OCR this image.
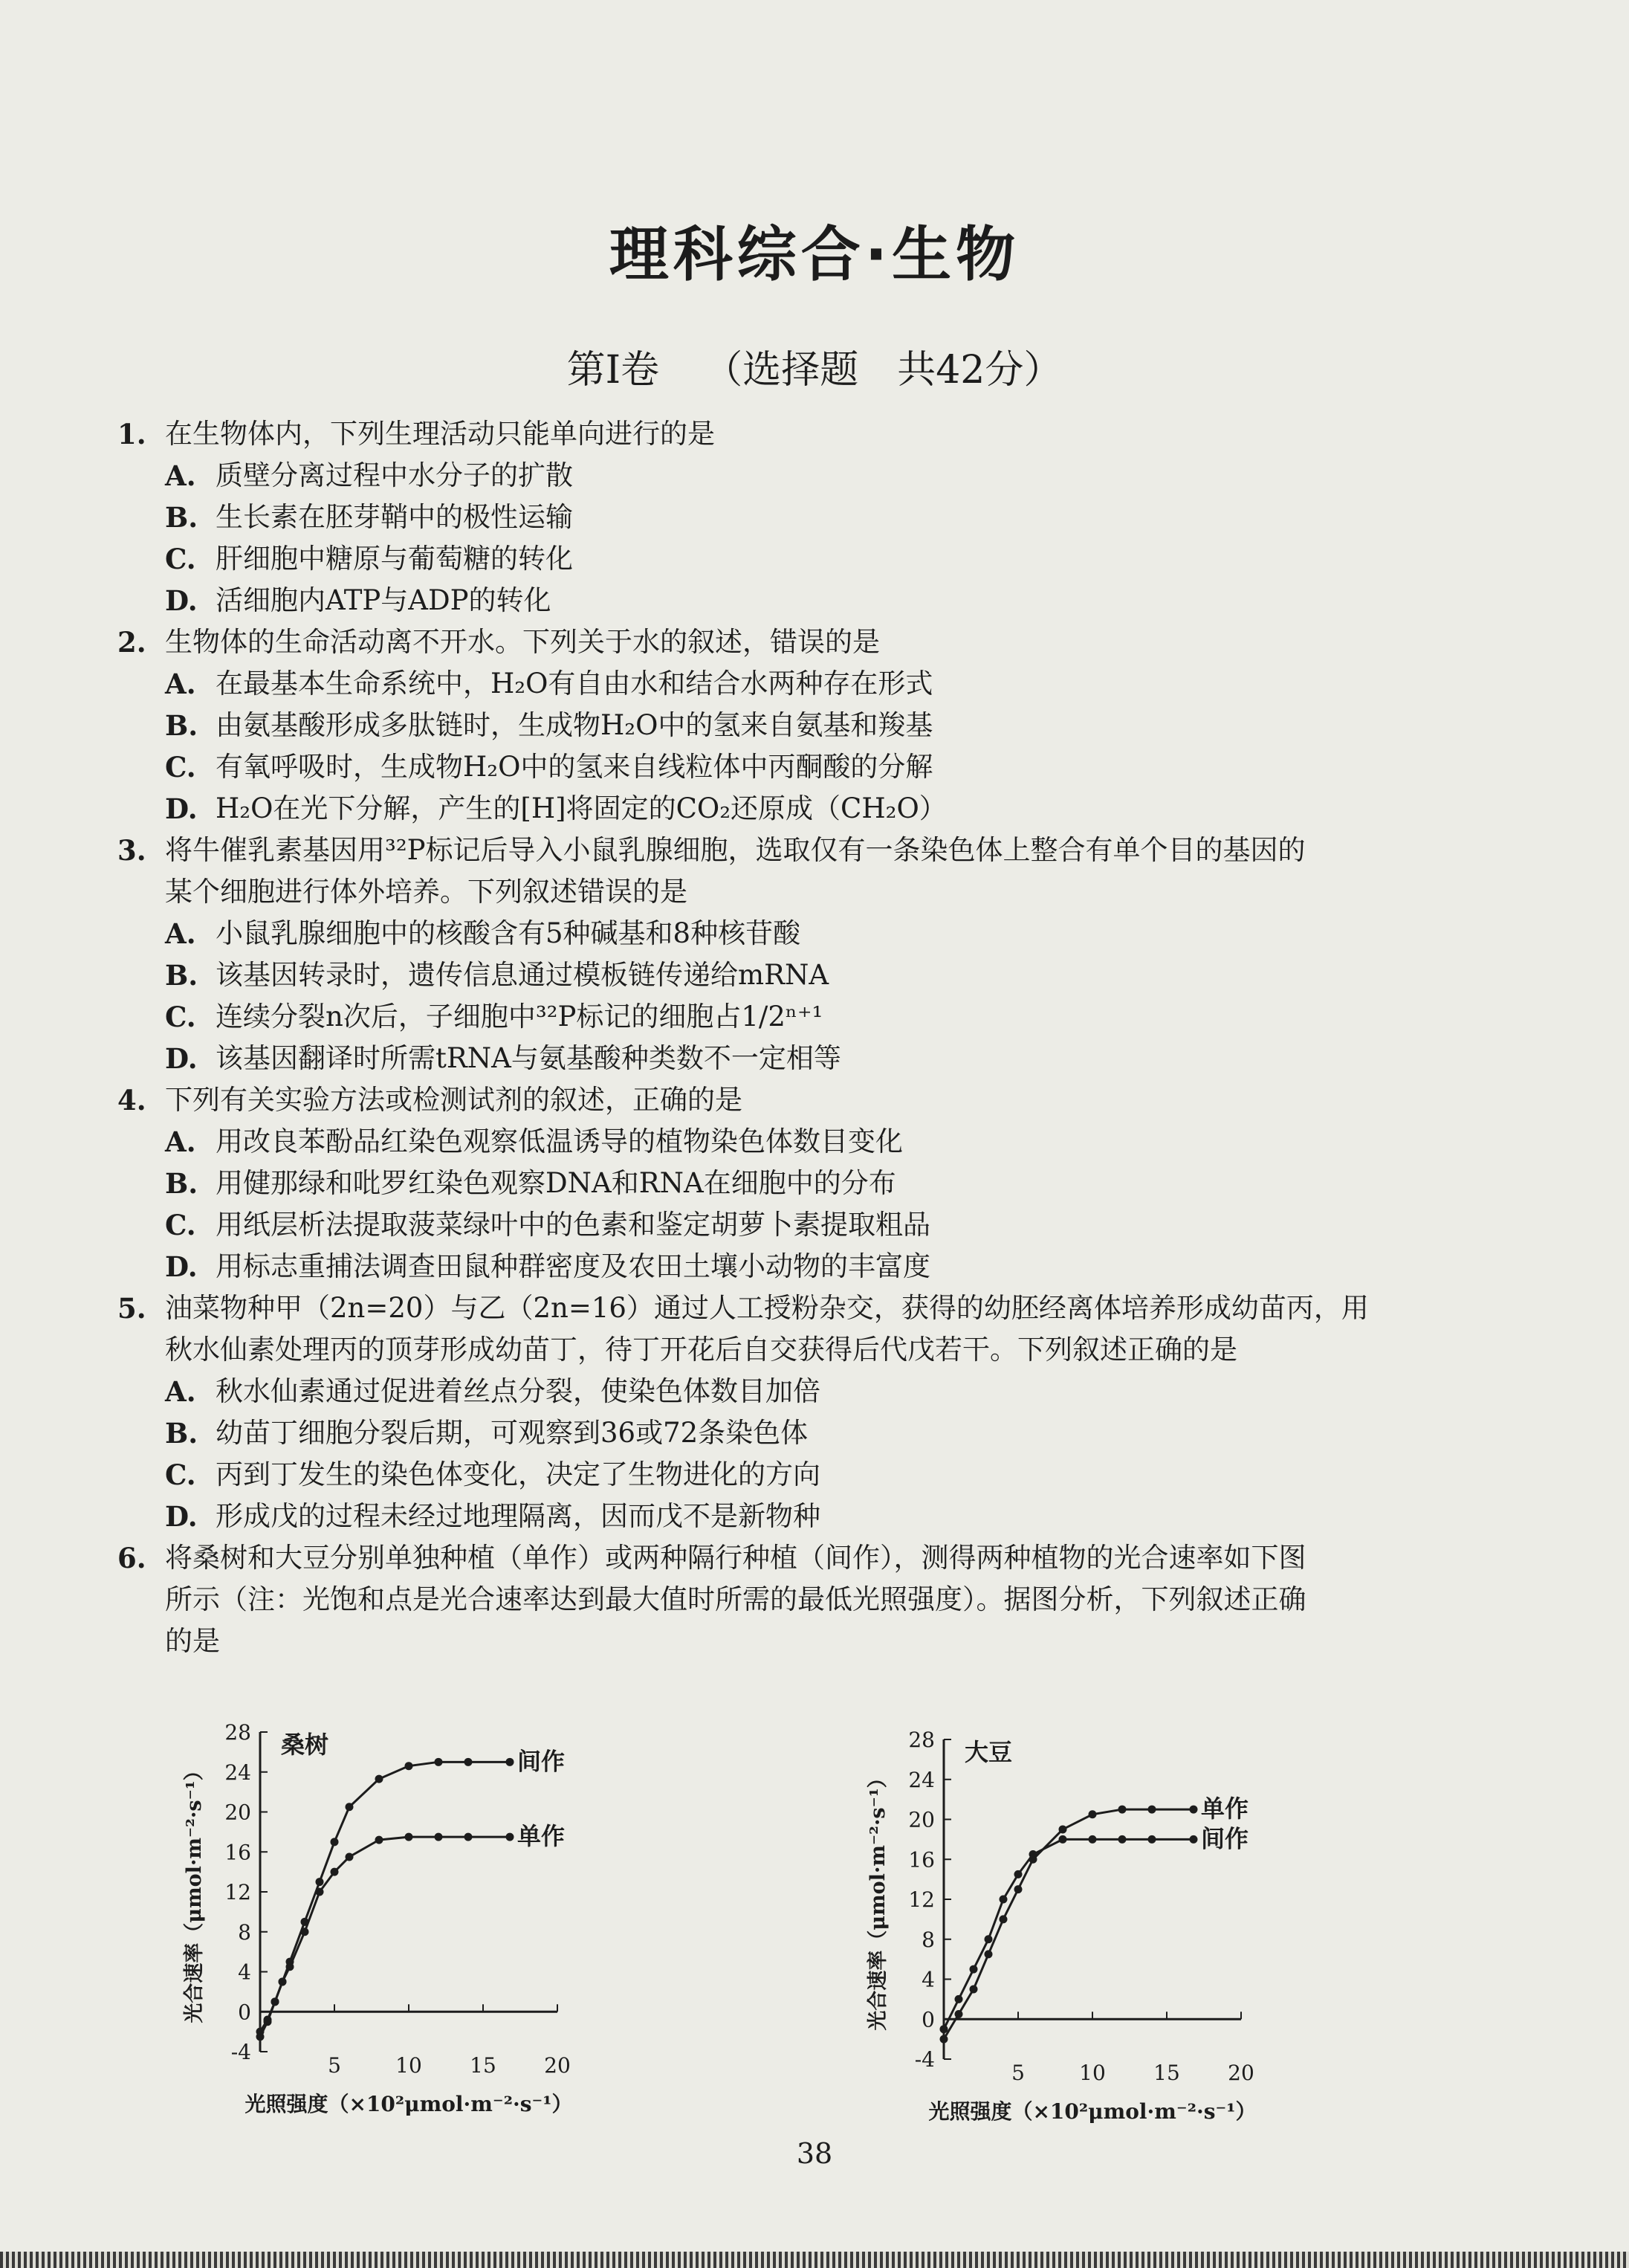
理科综合·生物
第Ⅰ卷 （选择题　共42分）
1. 在生物体内，下列生理活动只能单向进行的是
A. 质壁分离过程中水分子的扩散
B. 生长素在胚芽鞘中的极性运输
C. 肝细胞中糖原与葡萄糖的转化
D. 活细胞内ATP与ADP的转化
2. 生物体的生命活动离不开水。下列关于水的叙述，错误的是
A. 在最基本生命系统中，H₂O有自由水和结合水两种存在形式
B. 由氨基酸形成多肽链时，生成物H₂O中的氢来自氨基和羧基
C. 有氧呼吸时，生成物H₂O中的氢来自线粒体中丙酮酸的分解
D. H₂O在光下分解，产生的[H]将固定的CO₂还原成（CH₂O）
3. 将牛催乳素基因用³²P标记后导入小鼠乳腺细胞，选取仅有一条染色体上整合有单个目的基因的
某个细胞进行体外培养。下列叙述错误的是
A. 小鼠乳腺细胞中的核酸含有5种碱基和8种核苷酸
B. 该基因转录时，遗传信息通过模板链传递给mRNA
C. 连续分裂n次后，子细胞中³²P标记的细胞占1/2ⁿ⁺¹
D. 该基因翻译时所需tRNA与氨基酸种类数不一定相等
4. 下列有关实验方法或检测试剂的叙述，正确的是
A. 用改良苯酚品红染色观察低温诱导的植物染色体数目变化
B. 用健那绿和吡罗红染色观察DNA和RNA在细胞中的分布
C. 用纸层析法提取菠菜绿叶中的色素和鉴定胡萝卜素提取粗品
D. 用标志重捕法调查田鼠种群密度及农田土壤小动物的丰富度
5. 油菜物种甲（2n=20）与乙（2n=16）通过人工授粉杂交，获得的幼胚经离体培养形成幼苗丙，用
秋水仙素处理丙的顶芽形成幼苗丁，待丁开花后自交获得后代戊若干。下列叙述正确的是
A. 秋水仙素通过促进着丝点分裂，使染色体数目加倍
B. 幼苗丁细胞分裂后期，可观察到36或72条染色体
C. 丙到丁发生的染色体变化，决定了生物进化的方向
D. 形成戊的过程未经过地理隔离，因而戊不是新物种
6. 将桑树和大豆分别单独种植（单作）或两种隔行种植（间作），测得两种植物的光合速率如下图
所示（注：光饱和点是光合速率达到最大值时所需的最低光照强度）。据图分析，下列叙述正确
的是
-4
0
4
8
12
16
20
24
28
5	10 15 20
桑树
光合速率（μmol·m⁻²·s⁻¹）
光照强度（×10²μmol·m⁻²·s⁻¹）
间作
单作
-4
0
4
8
12
16
20
24
28
5	10 15 20
大豆
光合速率（μmol·m⁻²·s⁻¹）
光照强度（×10²μmol·m⁻²·s⁻¹）
单作
间作
38
